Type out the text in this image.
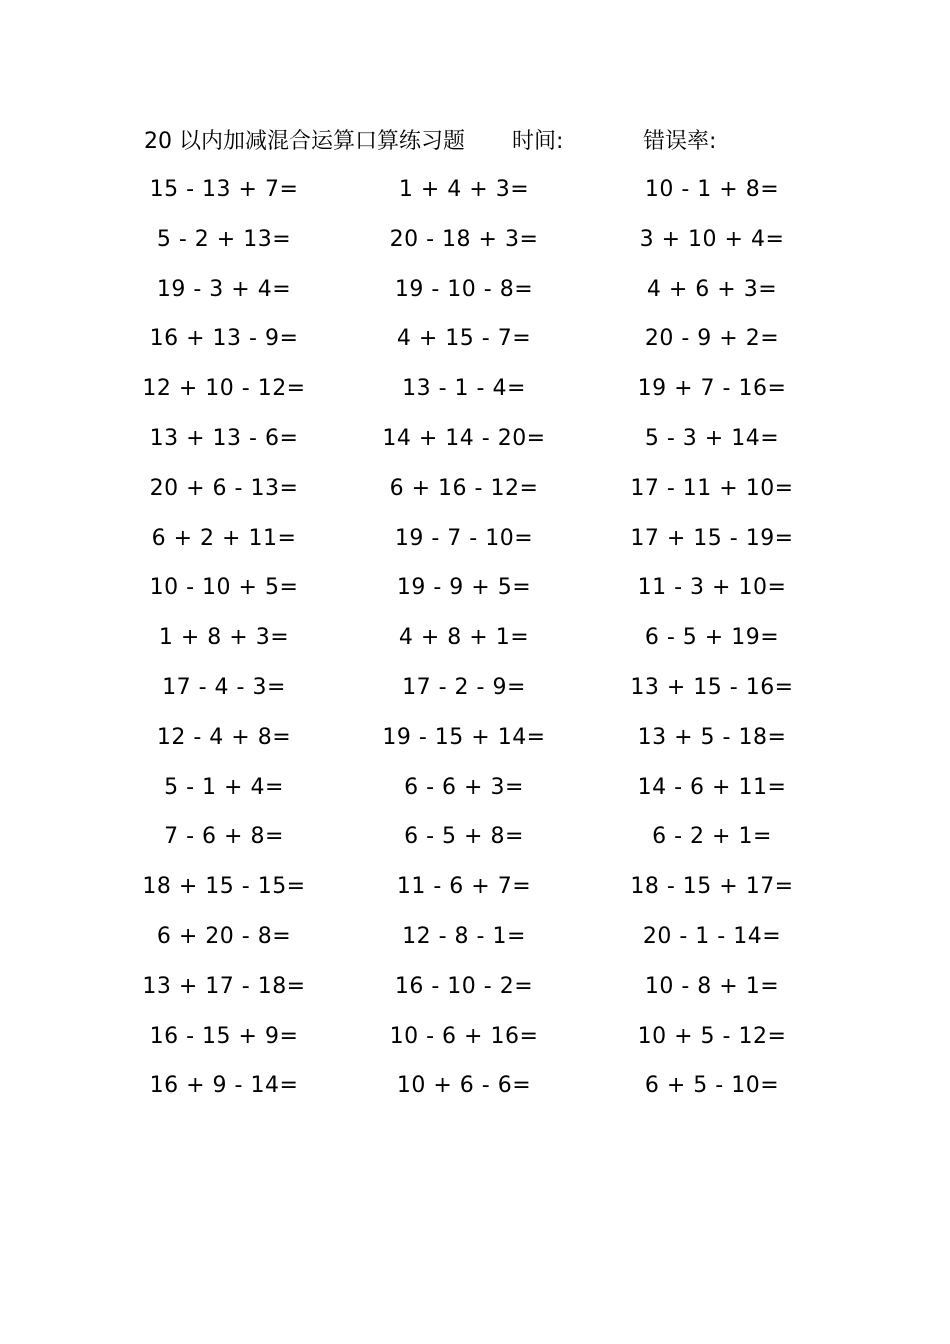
20 以内加减混合运算口算练习题 时间:	错误率:
15 - 13 + 7=	1 + 4 + 3=	10 - 1 + 8=
5 - 2 + 13=	20 - 18 + 3=	3 + 10 + 4=
19 - 3 + 4=	19 - 10 - 8=	4 + 6 + 3=
16 + 13 - 9=	4 + 15 - 7=	20 - 9 + 2=
12 + 10 - 12=	13 - 1 - 4=	19 + 7 - 16=
13 + 13 - 6=	14 + 14 - 20=	5 - 3 + 14=
20 + 6 - 13=	6 + 16 - 12=	17 - 11 + 10=
6 + 2 + 11=	19 - 7 - 10=	17 + 15 - 19=
10 - 10 + 5=	19 - 9 + 5=	11 - 3 + 10=
1 + 8 + 3=	4 + 8 + 1=	6 - 5 + 19=
17 - 4 - 3=	17 - 2 - 9=	13 + 15 - 16=
12 - 4 + 8=	19 - 15 + 14=	13 + 5 - 18=
5 - 1 + 4=	6 - 6 + 3=	14 - 6 + 11=
7 - 6 + 8=	6 - 5 + 8=	6 - 2 + 1=
18 + 15 - 15=	11 - 6 + 7=	18 - 15 + 17=
6 + 20 - 8=	12 - 8 - 1=	20 - 1 - 14=
13 + 17 - 18=	16 - 10 - 2=	10 - 8 + 1=
16 - 15 + 9=	10 - 6 + 16=	10 + 5 - 12=
16 + 9 - 14=	10 + 6 - 6=	6 + 5 - 10=
